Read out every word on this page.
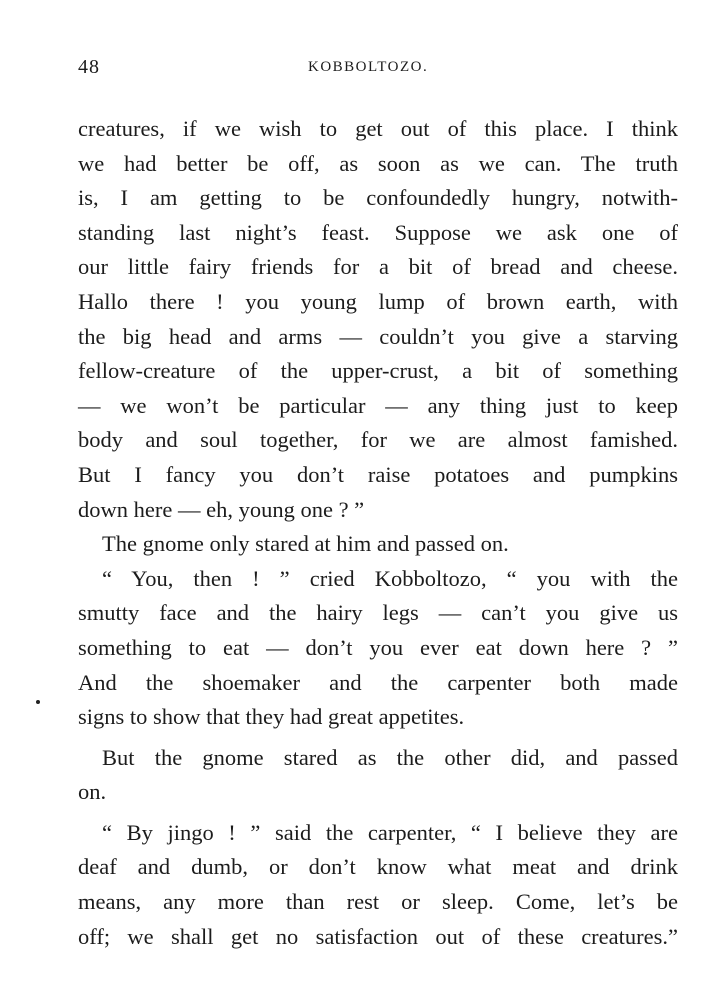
48	KOBBOLTOZO.
creatures, if we wish to get out of this place. I think
we had better be off, as soon as we can. The truth
is, I am getting to be confoundedly hungry, notwith-
standing last night’s feast. Suppose we ask one of
our little fairy friends for a bit of bread and cheese.
Hallo there ! you young lump of brown earth, with
the big head and arms — couldn’t you give a starving
fellow-creature of the upper-crust, a bit of something
— we won’t be particular — any thing just to keep
body and soul together, for we are almost famished.
But I fancy you don’t raise potatoes and pumpkins
down here — eh, young one ? ”
The gnome only stared at him and passed on.
“ You, then ! ” cried Kobboltozo, “ you with the
smutty face and the hairy legs — can’t you give us
something to eat — don’t you ever eat down here ? ”
And the shoemaker and the carpenter both made
signs to show that they had great appetites.
But the gnome stared as the other did, and passed
on.
“ By jingo ! ” said the carpenter, “ I believe they are
deaf and dumb, or don’t know what meat and drink
means, any more than rest or sleep. Come, let’s be
off; we shall get no satisfaction out of these creatures.”
